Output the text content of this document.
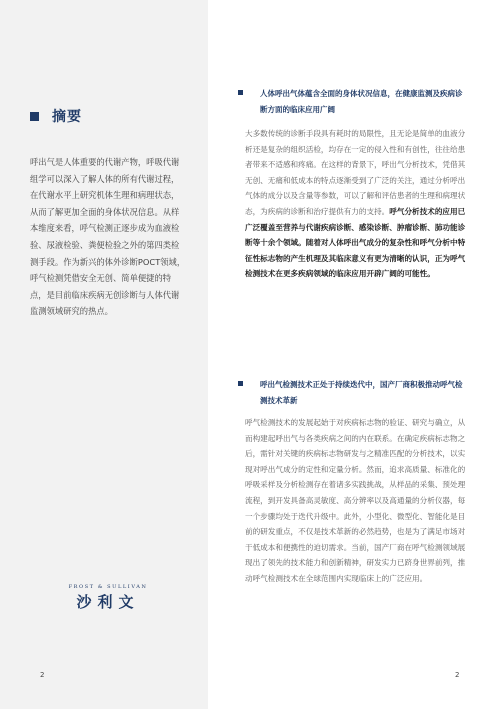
摘要

呼出气是人体重要的代谢产物，呼吸代谢组学可以深入了解人体的所有代谢过程，在代谢水平上研究机体生理和病理状态，从而了解更加全面的身体状况信息。从样本维度来看，呼气检测正逐步成为血液检验、尿液检验、粪便检验之外的第四类检测手段。作为新兴的体外诊断POCT领域，呼气检测凭借安全无创、简单便捷的特点，是目前临床疾病无创诊断与人体代谢监测领域研究的热点。

FROST & SULLIVAN
沙利文
2

人体呼出气体蕴含全面的身体状况信息，在健康监测及疾病诊断方面的临床应用广阔

大多数传统的诊断手段具有耗时的局限性，且无论是简单的血液分析还是复杂的组织活检，均存在一定的侵入性和有创性，往往给患者带来不适感和疼痛。在这样的背景下，呼出气分析技术，凭借其无创、无痛和低成本的特点逐渐受到了广泛的关注，通过分析呼出气体的成分以及含量等参数，可以了解和评估患者的生理和病理状态，为疾病的诊断和治疗提供有力的支持。呼气分析技术的应用已广泛覆盖至营养与代谢疾病诊断、感染诊断、肿瘤诊断、肺功能诊断等十余个领域。随着对人体呼出气成分的复杂性和呼气分析中特征性标志物的产生机理及其临床意义有更为清晰的认识，正为呼气检测技术在更多疾病领域的临床应用开辟广阔的可能性。

呼出气检测技术正处于持续迭代中，国产厂商积极推动呼气检测技术革新

呼气检测技术的发展起始于对疾病标志物的验证、研究与确立，从而构建起呼出气与各类疾病之间的内在联系。在确定疾病标志物之后，需针对关键的疾病标志物研发与之精准匹配的分析技术，以实现对呼出气成分的定性和定量分析。然而，追求高质量、标准化的呼吸采样及分析检测存在着诸多实践挑战，从样品的采集、预处理流程，到开发具备高灵敏度、高分辨率以及高通量的分析仪器，每一个步骤均处于迭代升级中。此外，小型化、微型化、智能化是目前的研发重点，不仅是技术革新的必然趋势，也是为了满足市场对于低成本和便携性的迫切需求。当前，国产厂商在呼气检测领域展现出了领先的技术能力和创新精神，研发实力已跻身世界前列，推动呼气检测技术在全球范围内实现临床上的广泛应用。

2
